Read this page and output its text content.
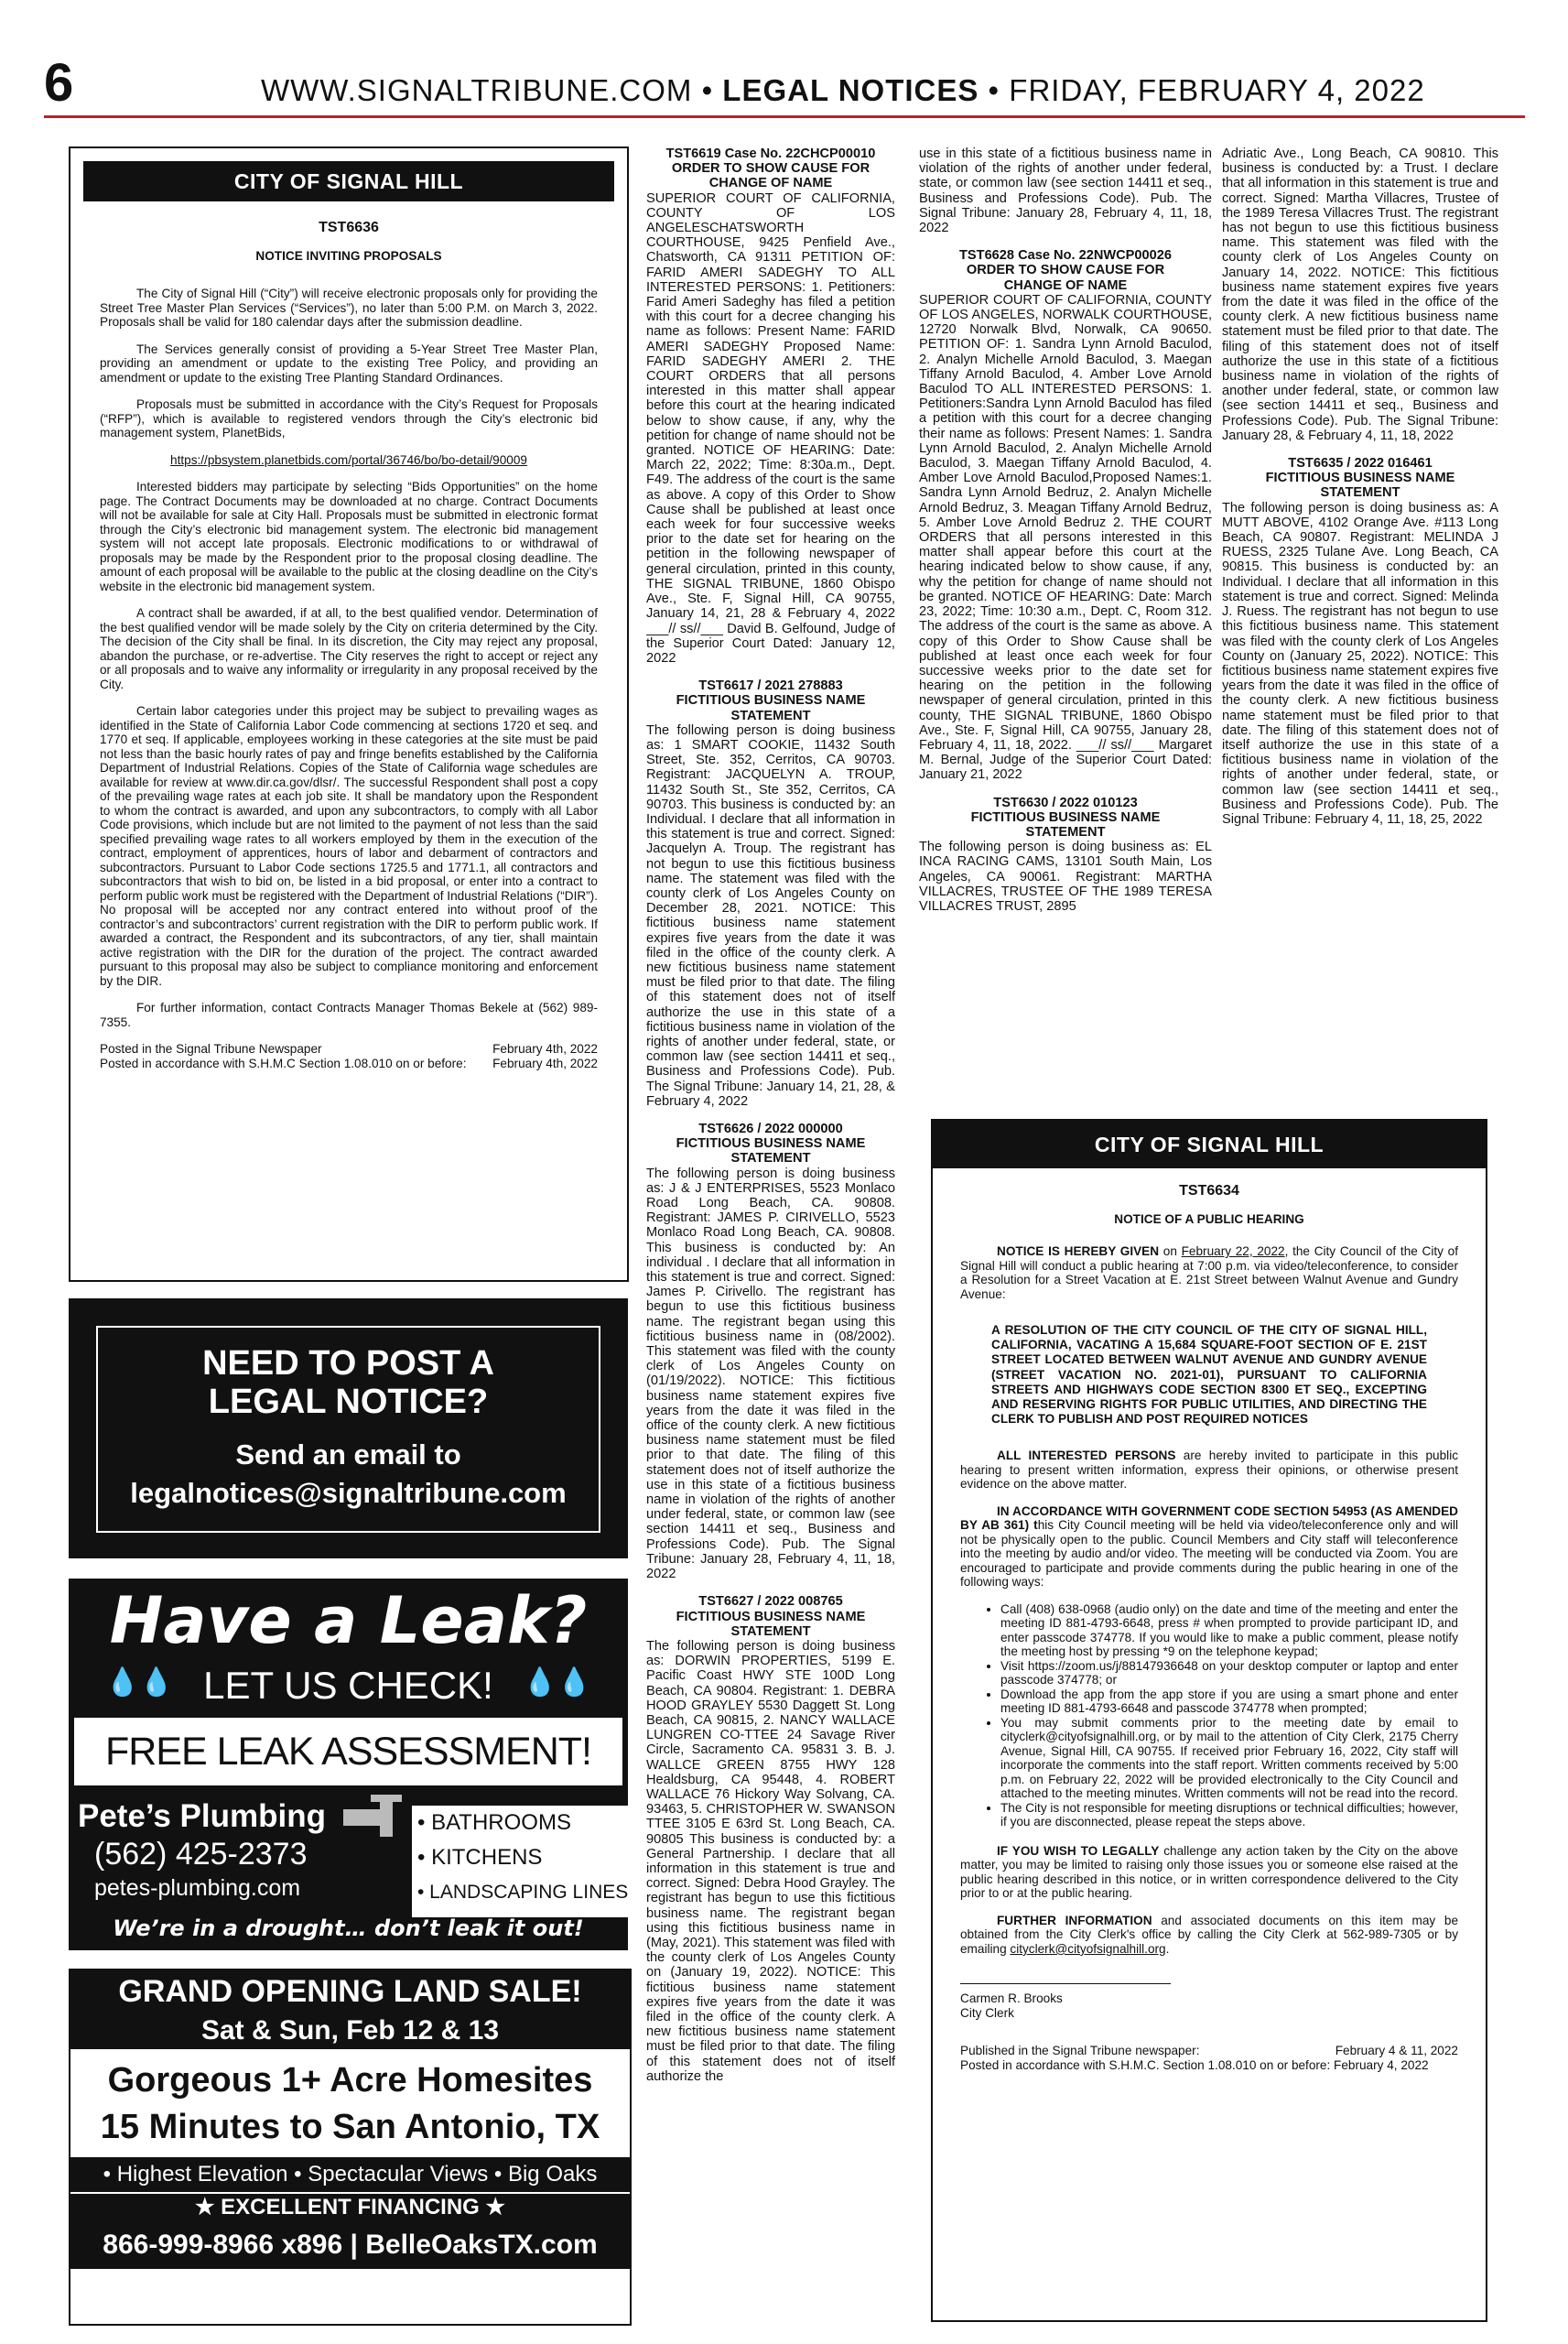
6	WWW.SIGNALTRIBUNE.COM • LEGAL NOTICES • FRIDAY, FEBRUARY 4, 2022
CITY OF SIGNAL HILL
TST6636
NOTICE INVITING PROPOSALS

The City of Signal Hill (“City”) will receive electronic proposals only for providing the Street Tree Master Plan Services (“Services”), no later than 5:00 P.M. on March 3, 2022. Proposals shall be valid for 180 calendar days after the submission deadline.

The Services generally consist of providing a 5-Year Street Tree Master Plan, providing an amendment or update to the existing Tree Policy, and providing an amendment or update to the existing Tree Planting Standard Ordinances.

Proposals must be submitted in accordance with the City’s Request for Proposals (“RFP”), which is available to registered vendors through the City’s electronic bid management system, PlanetBids,

https://pbsystem.planetbids.com/portal/36746/bo/bo-detail/90009

Interested bidders may participate by selecting “Bids Opportunities” on the home page. The Contract Documents may be downloaded at no charge. Contract Documents will not be available for sale at City Hall. Proposals must be submitted in electronic format through the City’s electronic bid management system. The electronic bid management system will not accept late proposals. Electronic modifications to or withdrawal of proposals may be made by the Respondent prior to the proposal closing deadline. The amount of each proposal will be available to the public at the closing deadline on the City’s website in the electronic bid management system.

A contract shall be awarded, if at all, to the best qualified vendor. Determination of the best qualified vendor will be made solely by the City on criteria determined by the City. The decision of the City shall be final. In its discretion, the City may reject any proposal, abandon the purchase, or re-advertise. The City reserves the right to accept or reject any or all proposals and to waive any informality or irregularity in any proposal received by the City.

Certain labor categories under this project may be subject to prevailing wages as identified in the State of California Labor Code commencing at sections 1720 et seq. and 1770 et seq. If applicable, employees working in these categories at the site must be paid not less than the basic hourly rates of pay and fringe benefits established by the California Department of Industrial Relations. Copies of the State of California wage schedules are available for review at www.dir.ca.gov/dlsr/. The successful Respondent shall post a copy of the prevailing wage rates at each job site. It shall be mandatory upon the Respondent to whom the contract is awarded, and upon any subcontractors, to comply with all Labor Code provisions, which include but are not limited to the payment of not less than the said specified prevailing wage rates to all workers employed by them in the execution of the contract, employment of apprentices, hours of labor and debarment of contractors and subcontractors. Pursuant to Labor Code sections 1725.5 and 1771.1, all contractors and subcontractors that wish to bid on, be listed in a bid proposal, or enter into a contract to perform public work must be registered with the Department of Industrial Relations (“DIR”). No proposal will be accepted nor any contract entered into without proof of the contractor’s and subcontractors’ current registration with the DIR to perform public work. If awarded a contract, the Respondent and its subcontractors, of any tier, shall maintain active registration with the DIR for the duration of the project. The contract awarded pursuant to this proposal may also be subject to compliance monitoring and enforcement by the DIR.

For further information, contact Contracts Manager Thomas Bekele at (562) 989-7355.

Posted in the Signal Tribune Newspaper	February 4th, 2022
Posted in accordance with S.H.M.C Section 1.08.010 on or before: February 4th, 2022
NEED TO POST A
LEGAL NOTICE?
Send an email to
legalnotices@signaltribune.com
Have a Leak?
💧💧 LET US CHECK!	💧💧
FREE LEAK ASSESSMENT!
Pete’s Plumbing
(562) 425-2373
petes-plumbing.com
• BATHROOMS
• KITCHENS
• LANDSCAPING LINES
We’re in a drought… don’t leak it out!
GRAND OPENING LAND SALE!
Sat & Sun, Feb 12 & 13
Gorgeous 1+ Acre Homesites
15 Minutes to San Antonio, TX
• Highest Elevation • Spectacular Views • Big Oaks
★ EXCELLENT FINANCING ★
866-999-8966 x896 | BelleOaksTX.com
TST6619 Case No. 22CHCP00010
ORDER TO SHOW CAUSE FOR
CHANGE OF NAME

SUPERIOR COURT OF CALIFORNIA, COUNTY OF LOS ANGELESCHATSWORTH COURTHOUSE, 9425 Penfield Ave., Chatsworth, CA 91311 PETITION OF: FARID AMERI SADEGHY TO ALL INTERESTED PERSONS: 1. Petitioners: Farid Ameri Sadeghy has filed a petition with this court for a decree changing his name as follows: Present Name: FARID AMERI SADEGHY Proposed Name: FARID SADEGHY AMERI 2. THE COURT ORDERS that all persons interested in this matter shall appear before this court at the hearing indicated below to show cause, if any, why the petition for change of name should not be granted. NOTICE OF HEARING: Date: March 22, 2022; Time: 8:30a.m., Dept. F49. The address of the court is the same as above. A copy of this Order to Show Cause shall be published at least once each week for four successive weeks prior to the date set for hearing on the petition in the following newspaper of general circulation, printed in this county, THE SIGNAL TRIBUNE, 1860 Obispo Ave., Ste. F, Signal Hill, CA 90755, January 14, 21, 28 & February 4, 2022 ___// ss//___ David B. Gelfound, Judge of the Superior Court Dated: January 12, 2022

TST6617 / 2021 278883
FICTITIOUS BUSINESS NAME
STATEMENT

The following person is doing business as: 1 SMART COOKIE, 11432 South Street, Ste. 352, Cerritos, CA 90703. Registrant: JACQUELYN A. TROUP, 11432 South St., Ste 352, Cerritos, CA 90703. This business is conducted by: an Individual. I declare that all information in this statement is true and correct. Signed: Jacquelyn A. Troup. The registrant has not begun to use this fictitious business name. The statement was filed with the county clerk of Los Angeles County on December 28, 2021. NOTICE: This fictitious business name statement expires five years from the date it was filed in the office of the county clerk. A new fictitious business name statement must be filed prior to that date. The filing of this statement does not of itself authorize the use in this state of a fictitious business name in violation of the rights of another under federal, state, or common law (see section 14411 et seq., Business and Professions Code). Pub. The Signal Tribune: January 14, 21, 28, & February 4, 2022

TST6626 / 2022 000000
FICTITIOUS BUSINESS NAME
STATEMENT

The following person is doing business as: J & J ENTERPRISES, 5523 Monlaco Road Long Beach, CA. 90808. Registrant: JAMES P. CIRIVELLO, 5523 Monlaco Road Long Beach, CA. 90808. This business is conducted by: An individual . I declare that all information in this statement is true and correct. Signed: James P. Cirivello. The registrant has begun to use this fictitious business name. The registrant began using this fictitious business name in (08/2002). This statement was filed with the county clerk of Los Angeles County on (01/19/2022). NOTICE: This fictitious business name statement expires five years from the date it was filed in the office of the county clerk. A new fictitious business name statement must be filed prior to that date. The filing of this statement does not of itself authorize the use in this state of a fictitious business name in violation of the rights of another under federal, state, or common law (see section 14411 et seq., Business and Professions Code). Pub. The Signal Tribune: January 28, February 4, 11, 18, 2022

TST6627 / 2022 008765
FICTITIOUS BUSINESS NAME
STATEMENT

The following person is doing business as: DORWIN PROPERTIES, 5199 E. Pacific Coast HWY STE 100D Long Beach, CA 90804. Registrant: 1. DEBRA HOOD GRAYLEY 5530 Daggett St. Long Beach, CA 90815, 2. NANCY WALLACE LUNGREN CO-TTEE 24 Savage River Circle, Sacramento CA. 95831 3. B. J. WALLCE GREEN 8755 HWY 128 Healdsburg, CA 95448, 4. ROBERT WALLACE 76 Hickory Way Solvang, CA. 93463, 5. CHRISTOPHER W. SWANSON TTEE 3105 E 63rd St. Long Beach, CA. 90805 This business is conducted by: a General Partnership. I declare that all information in this statement is true and correct. Signed: Debra Hood Grayley. The registrant has begun to use this fictitious business name. The registrant began using this fictitious business name in (May, 2021). This statement was filed with the county clerk of Los Angeles County on (January 19, 2022). NOTICE: This fictitious business name statement expires five years from the date it was filed in the office of the county clerk. A new fictitious business name statement must be filed prior to that date. The filing of this statement does not of itself authorize the

use in this state of a fictitious business name in violation of the rights of another under federal, state, or common law (see section 14411 et seq., Business and Professions Code). Pub. The Signal Tribune: January 28, February 4, 11, 18, 2022

TST6628 Case No. 22NWCP00026
ORDER TO SHOW CAUSE FOR
CHANGE OF NAME

SUPERIOR COURT OF CALIFORNIA, COUNTY OF LOS ANGELES, NORWALK COURTHOUSE, 12720 Norwalk Blvd, Norwalk, CA 90650. PETITION OF: 1. Sandra Lynn Arnold Baculod, 2. Analyn Michelle Arnold Baculod, 3. Maegan Tiffany Arnold Baculod, 4. Amber Love Arnold Baculod TO ALL INTERESTED PERSONS: 1. Petitioners:Sandra Lynn Arnold Baculod has filed a petition with this court for a decree changing their name as follows: Present Names: 1. Sandra Lynn Arnold Baculod, 2. Analyn Michelle Arnold Baculod, 3. Maegan Tiffany Arnold Baculod, 4. Amber Love Arnold Baculod,Proposed Names:1. Sandra Lynn Arnold Bedruz, 2. Analyn Michelle Arnold Bedruz, 3. Meagan Tiffany Arnold Bedruz, 5. Amber Love Arnold Bedruz 2. THE COURT ORDERS that all persons interested in this matter shall appear before this court at the hearing indicated below to show cause, if any, why the petition for change of name should not be granted. NOTICE OF HEARING: Date: March 23, 2022; Time: 10:30 a.m., Dept. C, Room 312. The address of the court is the same as above. A copy of this Order to Show Cause shall be published at least once each week for four successive weeks prior to the date set for hearing on the petition in the following newspaper of general circulation, printed in this county, THE SIGNAL TRIBUNE, 1860 Obispo Ave., Ste. F, Signal Hill, CA 90755, January 28, February 4, 11, 18, 2022. ___// ss//___ Margaret M. Bernal, Judge of the Superior Court Dated: January 21, 2022

TST6630 / 2022 010123
FICTITIOUS BUSINESS NAME
STATEMENT

The following person is doing business as: EL INCA RACING CAMS, 13101 South Main, Los Angeles, CA 90061. Registrant: MARTHA VILLACRES, TRUSTEE OF THE 1989 TERESA VILLACRES TRUST, 2895

Adriatic Ave., Long Beach, CA 90810. This business is conducted by: a Trust. I declare that all information in this statement is true and correct. Signed: Martha Villacres, Trustee of the 1989 Teresa Villacres Trust. The registrant has not begun to use this fictitious business name. This statement was filed with the county clerk of Los Angeles County on January 14, 2022. NOTICE: This fictitious business name statement expires five years from the date it was filed in the office of the county clerk. A new fictitious business name statement must be filed prior to that date. The filing of this statement does not of itself authorize the use in this state of a fictitious business name in violation of the rights of another under federal, state, or common law (see section 14411 et seq., Business and Professions Code). Pub. The Signal Tribune: January 28, & February 4, 11, 18, 2022

TST6635 / 2022 016461
FICTITIOUS BUSINESS NAME
STATEMENT

The following person is doing business as: A MUTT ABOVE, 4102 Orange Ave. #113 Long Beach, CA 90807. Registrant: MELINDA J RUESS, 2325 Tulane Ave. Long Beach, CA 90815. This business is conducted by: an Individual. I declare that all information in this statement is true and correct. Signed: Melinda J. Ruess. The registrant has not begun to use this fictitious business name. This statement was filed with the county clerk of Los Angeles County on (January 25, 2022). NOTICE: This fictitious business name statement expires five years from the date it was filed in the office of the county clerk. A new fictitious business name statement must be filed prior to that date. The filing of this statement does not of itself authorize the use in this state of a fictitious business name in violation of the rights of another under federal, state, or common law (see section 14411 et seq., Business and Professions Code). Pub. The Signal Tribune: February 4, 11, 18, 25, 2022

CITY OF SIGNAL HILL
TST6634
NOTICE OF A PUBLIC HEARING

NOTICE IS HEREBY GIVEN on February 22, 2022, the City Council of the City of Signal Hill will conduct a public hearing at 7:00 p.m. via video/teleconference, to consider a Resolution for a Street Vacation at E. 21st Street between Walnut Avenue and Gundry Avenue:

A RESOLUTION OF THE CITY COUNCIL OF THE CITY OF SIGNAL HILL, CALIFORNIA, VACATING A 15,684 SQUARE-FOOT SECTION OF E. 21ST STREET LOCATED BETWEEN WALNUT AVENUE AND GUNDRY AVENUE (STREET VACATION NO. 2021-01), PURSUANT TO CALIFORNIA STREETS AND HIGHWAYS CODE SECTION 8300 ET SEQ., EXCEPTING AND RESERVING RIGHTS FOR PUBLIC UTILITIES, AND DIRECTING THE CLERK TO PUBLISH AND POST REQUIRED NOTICES

ALL INTERESTED PERSONS are hereby invited to participate in this public hearing to present written information, express their opinions, or otherwise present evidence on the above matter.

IN ACCORDANCE WITH GOVERNMENT CODE SECTION 54953 (AS AMENDED BY AB 361) this City Council meeting will be held via video/teleconference only and will not be physically open to the public. Council Members and City staff will teleconference into the meeting by audio and/or video. The meeting will be conducted via Zoom. You are encouraged to participate and provide comments during the public hearing in one of the following ways:

• Call (408) 638-0968 (audio only) on the date and time of the meeting and enter the meeting ID 881-4793-6648, press # when prompted to provide participant ID, and enter passcode 374778. If you would like to make a public comment, please notify the meeting host by pressing *9 on the telephone keypad;
• Visit https://zoom.us/j/88147936648 on your desktop computer or laptop and enter passcode 374778; or
• Download the app from the app store if you are using a smart phone and enter meeting ID 881-4793-6648 and passcode 374778 when prompted;
• You may submit comments prior to the meeting date by email to cityclerk@cityofsignalhill.org, or by mail to the attention of City Clerk, 2175 Cherry Avenue, Signal Hill, CA 90755. If received prior February 16, 2022, City staff will incorporate the comments into the staff report. Written comments received by 5:00 p.m. on February 22, 2022 will be provided electronically to the City Council and attached to the meeting minutes. Written comments will not be read into the record.
• The City is not responsible for meeting disruptions or technical difficulties; however, if you are disconnected, please repeat the steps above.

IF YOU WISH TO LEGALLY challenge any action taken by the City on the above matter, you may be limited to raising only those issues you or someone else raised at the public hearing described in this notice, or in written correspondence delivered to the City prior to or at the public hearing.

FURTHER INFORMATION and associated documents on this item may be obtained from the City Clerk's office by calling the City Clerk at 562-989-7305 or by emailing cityclerk@cityofsignalhill.org.

Carmen R. Brooks
City Clerk
Published in the Signal Tribune newspaper:	February 4 & 11, 2022
Posted in accordance with S.H.M.C. Section 1.08.010 on or before: February 4, 2022
